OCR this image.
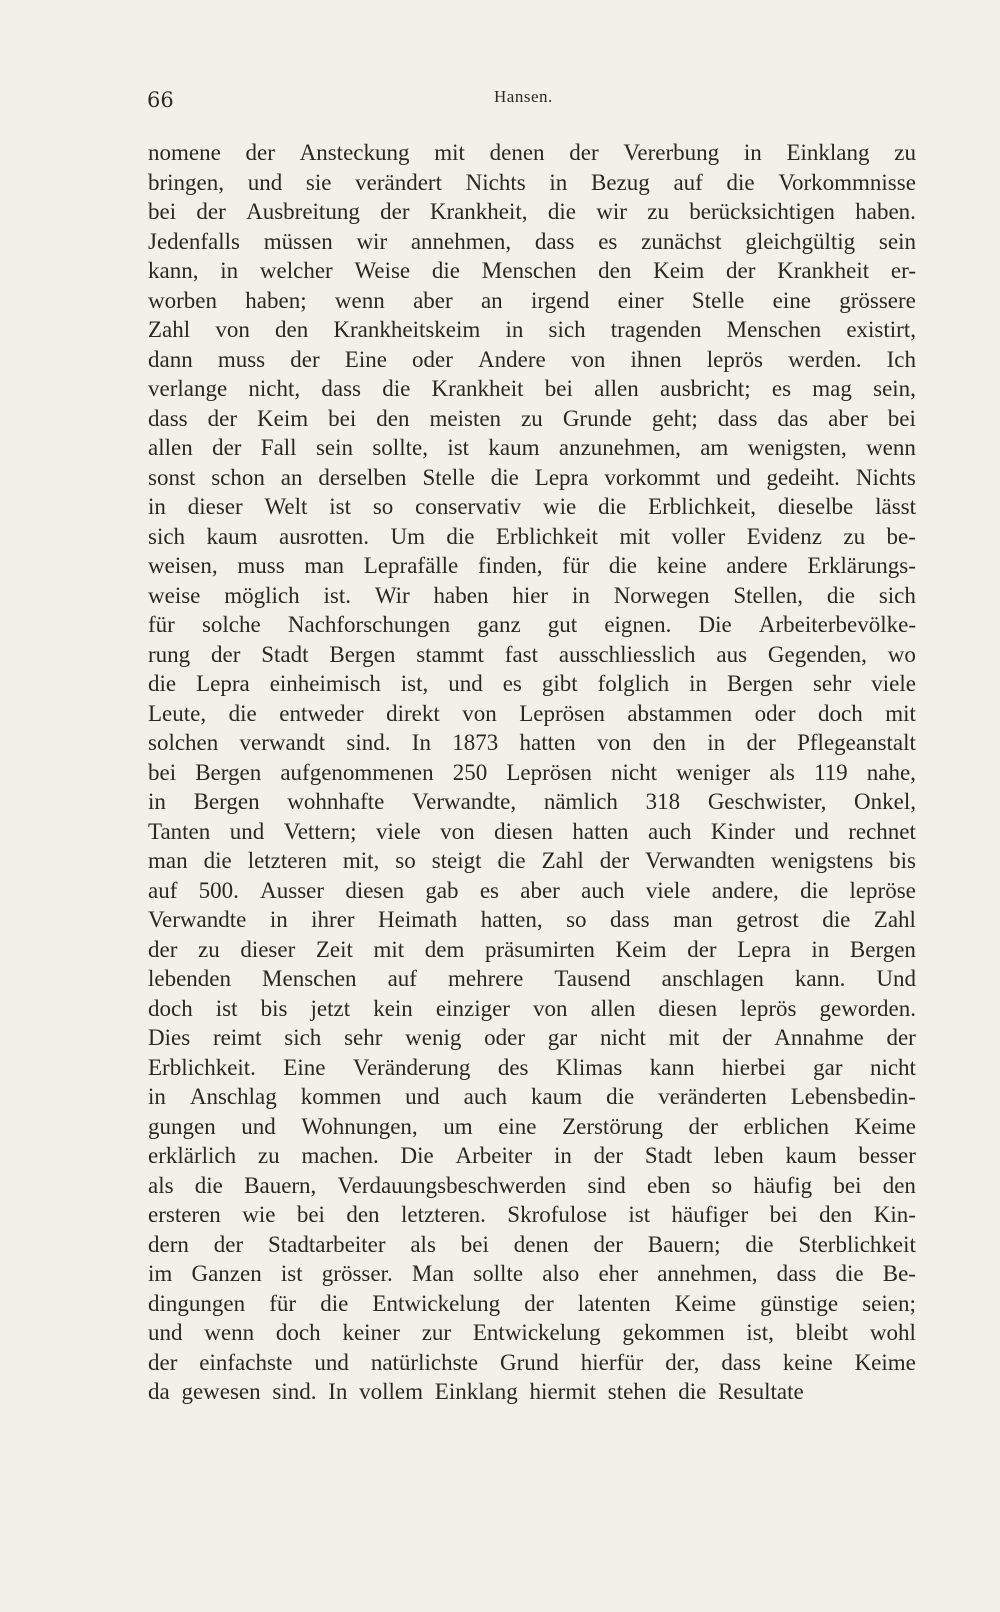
66	Hansen.
nomene der Ansteckung mit denen der Vererbung in Einklang zu
bringen, und sie verändert Nichts in Bezug auf die Vorkommnisse
bei der Ausbreitung der Krankheit, die wir zu berücksichtigen haben.
Jedenfalls müssen wir annehmen, dass es zunächst gleichgültig sein
kann, in welcher Weise die Menschen den Keim der Krankheit er-
worben haben; wenn aber an irgend einer Stelle eine grössere
Zahl von den Krankheitskeim in sich tragenden Menschen existirt,
dann muss der Eine oder Andere von ihnen leprös werden. Ich
verlange nicht, dass die Krankheit bei allen ausbricht; es mag sein,
dass der Keim bei den meisten zu Grunde geht; dass das aber bei
allen der Fall sein sollte, ist kaum anzunehmen, am wenigsten, wenn
sonst schon an derselben Stelle die Lepra vorkommt und gedeiht. Nichts
in dieser Welt ist so conservativ wie die Erblichkeit, dieselbe lässt
sich kaum ausrotten. Um die Erblichkeit mit voller Evidenz zu be-
weisen, muss man Leprafälle finden, für die keine andere Erklärungs-
weise möglich ist. Wir haben hier in Norwegen Stellen, die sich
für solche Nachforschungen ganz gut eignen. Die Arbeiterbevölke-
rung der Stadt Bergen stammt fast ausschliesslich aus Gegenden, wo
die Lepra einheimisch ist, und es gibt folglich in Bergen sehr viele
Leute, die entweder direkt von Leprösen abstammen oder doch mit
solchen verwandt sind. In 1873 hatten von den in der Pflegeanstalt
bei Bergen aufgenommenen 250 Leprösen nicht weniger als 119 nahe,
in Bergen wohnhafte Verwandte, nämlich 318 Geschwister, Onkel,
Tanten und Vettern; viele von diesen hatten auch Kinder und rechnet
man die letzteren mit, so steigt die Zahl der Verwandten wenigstens bis
auf 500. Ausser diesen gab es aber auch viele andere, die lepröse
Verwandte in ihrer Heimath hatten, so dass man getrost die Zahl
der zu dieser Zeit mit dem präsumirten Keim der Lepra in Bergen
lebenden Menschen auf mehrere Tausend anschlagen kann. Und
doch ist bis jetzt kein einziger von allen diesen leprös geworden.
Dies reimt sich sehr wenig oder gar nicht mit der Annahme der
Erblichkeit. Eine Veränderung des Klimas kann hierbei gar nicht
in Anschlag kommen und auch kaum die veränderten Lebensbedin-
gungen und Wohnungen, um eine Zerstörung der erblichen Keime
erklärlich zu machen. Die Arbeiter in der Stadt leben kaum besser
als die Bauern, Verdauungsbeschwerden sind eben so häufig bei den
ersteren wie bei den letzteren. Skrofulose ist häufiger bei den Kin-
dern der Stadtarbeiter als bei denen der Bauern; die Sterblichkeit
im Ganzen ist grösser. Man sollte also eher annehmen, dass die Be-
dingungen für die Entwickelung der latenten Keime günstige seien;
und wenn doch keiner zur Entwickelung gekommen ist, bleibt wohl
der einfachste und natürlichste Grund hierfür der, dass keine Keime
da gewesen sind. In vollem Einklang hiermit stehen die Resultate
